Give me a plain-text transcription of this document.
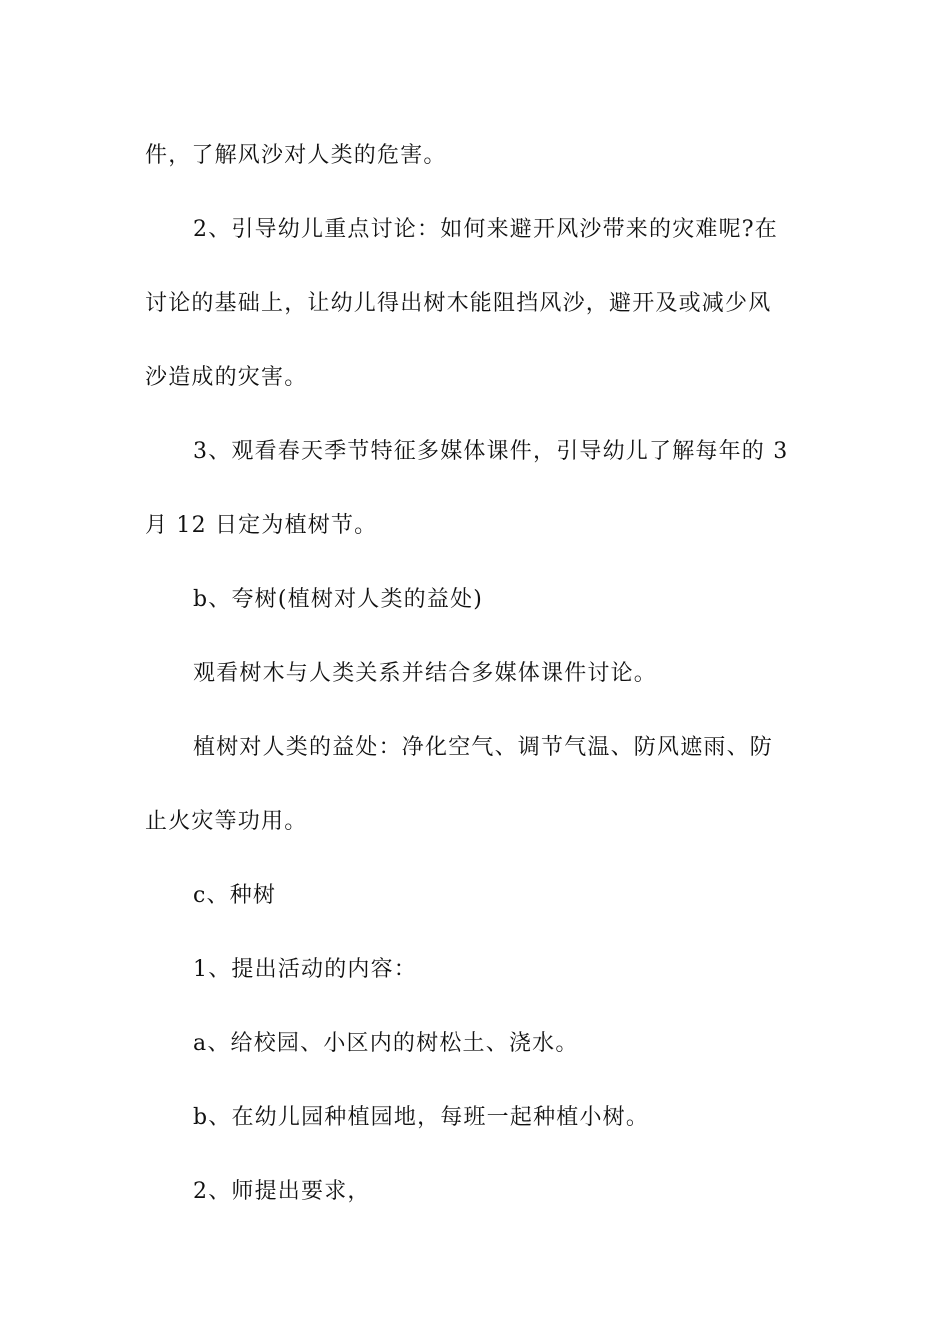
件，了解风沙对人类的危害。
2、引导幼儿重点讨论：如何来避开风沙带来的灾难呢?在
讨论的基础上，让幼儿得出树木能阻挡风沙，避开及或减少风
沙造成的灾害。
3、观看春天季节特征多媒体课件，引导幼儿了解每年的 3
月 12 日定为植树节。
b、夸树(植树对人类的益处)
观看树木与人类关系并结合多媒体课件讨论。
植树对人类的益处：净化空气、调节气温、防风遮雨、防
止火灾等功用。
c、种树
1、提出活动的内容：
a、给校园、小区内的树松土、浇水。
b、在幼儿园种植园地，每班一起种植小树。
2、师提出要求，
